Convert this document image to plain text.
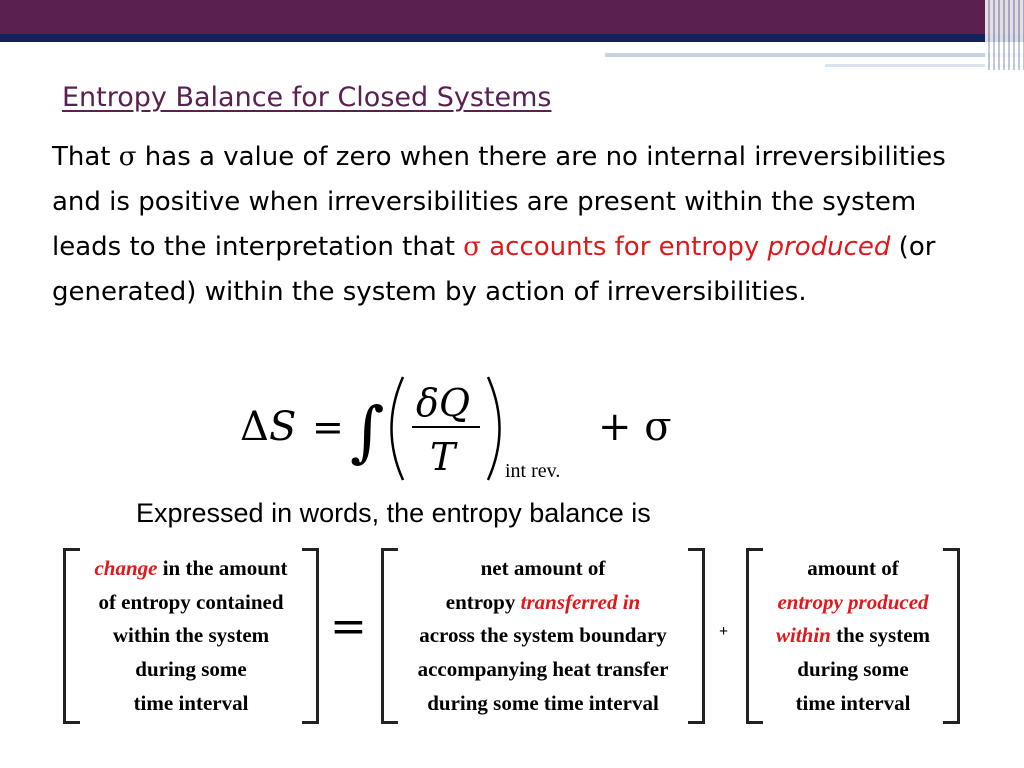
Entropy Balance for Closed Systems

That σ has a value of zero when there are no internal irreversibilities and is positive when irreversibilities are present within the system leads to the interpretation that σ accounts for entropy produced (or generated) within the system by action of irreversibilities.

Δ S = ∫ δQ
T int rev.
+ σ

Expressed in words, the entropy balance is

change in the amount
of entropy contained
within the system
during some
time interval
=
net amount of
entropy transferred in
across the system boundary
accompanying heat transfer
during some time interval
+
amount of
entropy produced
within the system
during some
time interval
